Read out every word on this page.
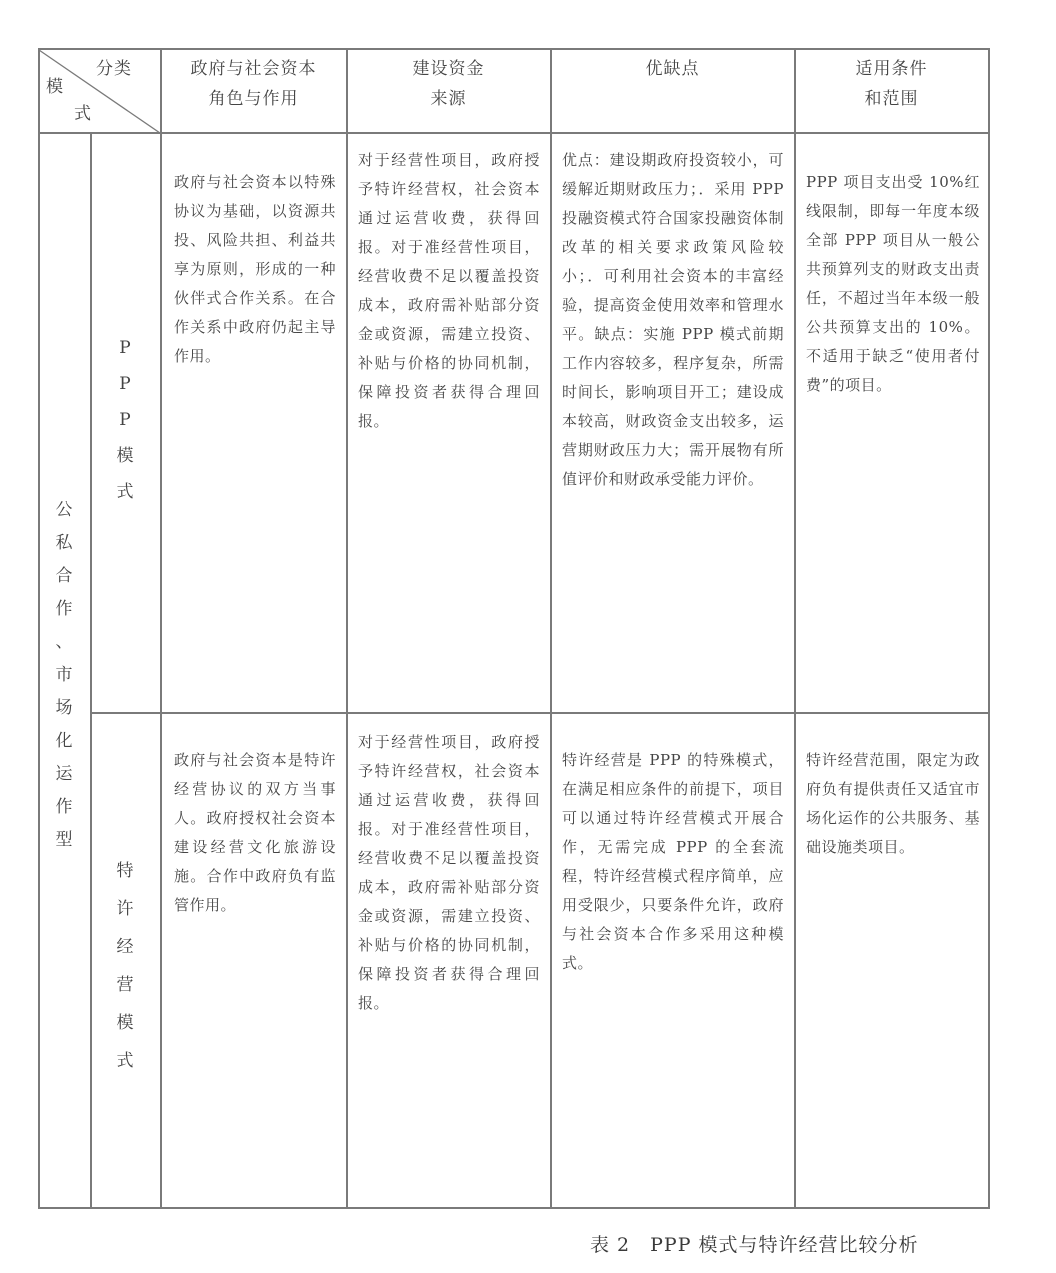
分类
模
式
政府与社会资本
角色与作用
建设资金
来源
优缺点	适用条件
和范围
公
私
合
作
、
市
场
化
运
作
型
P
P
P
模
式
政府与社会资本以特殊协议为基础，以资源共投、风险共担、利益共享为原则，形成的一种伙伴式合作关系。在合作关系中政府仍起主导作用。
对于经营性项目，政府授予特许经营权，社会资本通过运营收费，获得回报。对于准经营性项目，经营收费不足以覆盖投资成本，政府需补贴部分资金或资源，需建立投资、补贴与价格的协同机制，保障投资者获得合理回报。
优点：建设期政府投资较小，可缓解近期财政压力；．采用 PPP 投融资模式符合国家投融资体制改革的相关要求政策风险较小；．可利用社会资本的丰富经验，提高资金使用效率和管理水平。缺点：实施 PPP 模式前期工作内容较多，程序复杂，所需时间长，影响项目开工；建设成本较高，财政资金支出较多，运营期财政压力大；需开展物有所值评价和财政承受能力评价。
PPP 项目支出受 10%红线限制，即每一年度本级全部 PPP 项目从一般公共预算列支的财政支出责任，不超过当年本级一般公共预算支出的 10%。不适用于缺乏“使用者付费”的项目。
特
许
经
营
模
式
政府与社会资本是特许经营协议的双方当事人。政府授权社会资本建设经营文化旅游设施。合作中政府负有监管作用。
对于经营性项目，政府授予特许经营权，社会资本通过运营收费，获得回报。对于准经营性项目，经营收费不足以覆盖投资成本，政府需补贴部分资金或资源，需建立投资、补贴与价格的协同机制，保障投资者获得合理回报。
特许经营是 PPP 的特殊模式，在满足相应条件的前提下，项目可以通过特许经营模式开展合作，无需完成 PPP 的全套流程，特许经营模式程序简单，应用受限少，只要条件允许，政府与社会资本合作多采用这种模式。
特许经营范围，限定为政府负有提供责任又适宜市场化运作的公共服务、基础设施类项目。
表 2　PPP 模式与特许经营比较分析
